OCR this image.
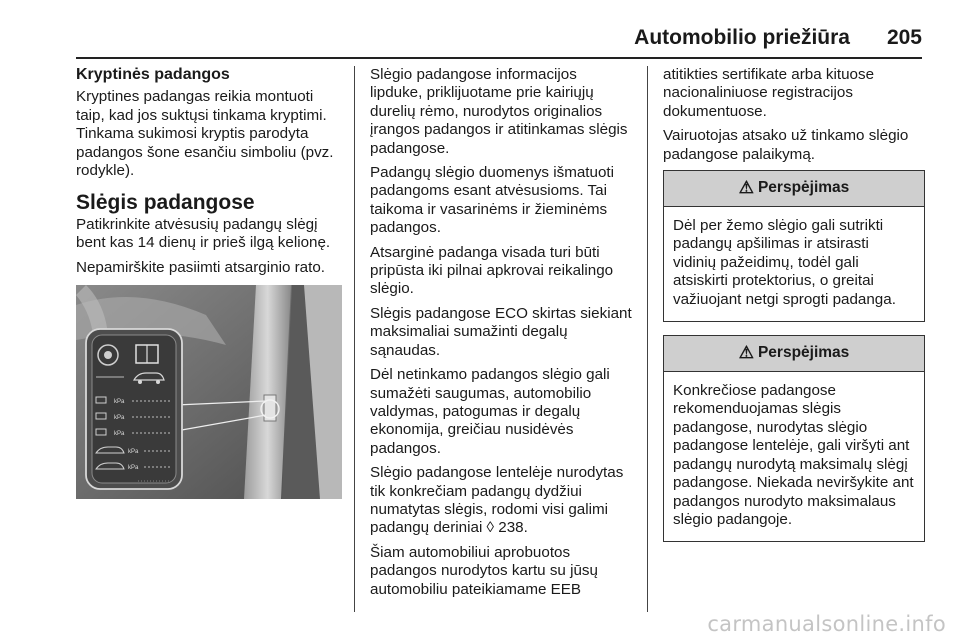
Automobilio priežiūra 205
Kryptinės padangos
Kryptines padangas reikia montuoti taip, kad jos suktųsi tinkama kryptimi. Tinkama sukimosi kryptis parodyta padangos šone esančiu simboliu (pvz. rodykle).
Slėgis padangose
Patikrinkite atvėsusių padangų slėgį bent kas 14 dienų ir prieš ilgą kelionę.
Nepamirškite pasiimti atsarginio rato.
kPa
kPa
kPa
kPa
kPa
Slėgio padangose informacijos lipduke, priklijuotame prie kairiųjų durelių rėmo, nurodytos originalios įrangos padangos ir atitinkamas slėgis padangose.
Padangų slėgio duomenys išmatuoti padangoms esant atvėsusioms. Tai taikoma ir vasarinėms ir žieminėms padangos.
Atsarginė padanga visada turi būti pripūsta iki pilnai apkrovai reikalingo slėgio.
Slėgis padangose ECO skirtas siekiant maksimaliai sumažinti degalų sąnaudas.
Dėl netinkamo padangos slėgio gali sumažėti saugumas, automobilio valdymas, patogumas ir degalų ekonomija, greičiau nusidėvės padangos.
Slėgio padangose lentelėje nurodytas tik konkrečiam padangų dydžiui numatytas slėgis, rodomi visi galimi padangų deriniai ◊ 238.
Šiam automobiliui aprobuotos padangos nurodytos kartu su jūsų automobiliu pateikiamame EEB
atitikties sertifikate arba kituose nacionaliniuose registracijos dokumentuose.
Vairuotojas atsako už tinkamo slėgio padangose palaikymą.
⚠ Perspėjimas
Dėl per žemo slėgio gali sutrikti padangų apšilimas ir atsirasti vidinių pažeidimų, todėl gali atsiskirti protektorius, o greitai važiuojant netgi sprogti padanga.
⚠ Perspėjimas
Konkrečiose padangose rekomenduojamas slėgis padangose, nurodytas slėgio padangose lentelėje, gali viršyti ant padangų nurodytą maksimalų slėgį padangose. Niekada neviršykite ant padangos nurodyto maksimalaus slėgio padangoje.
carmanualsonline.info
